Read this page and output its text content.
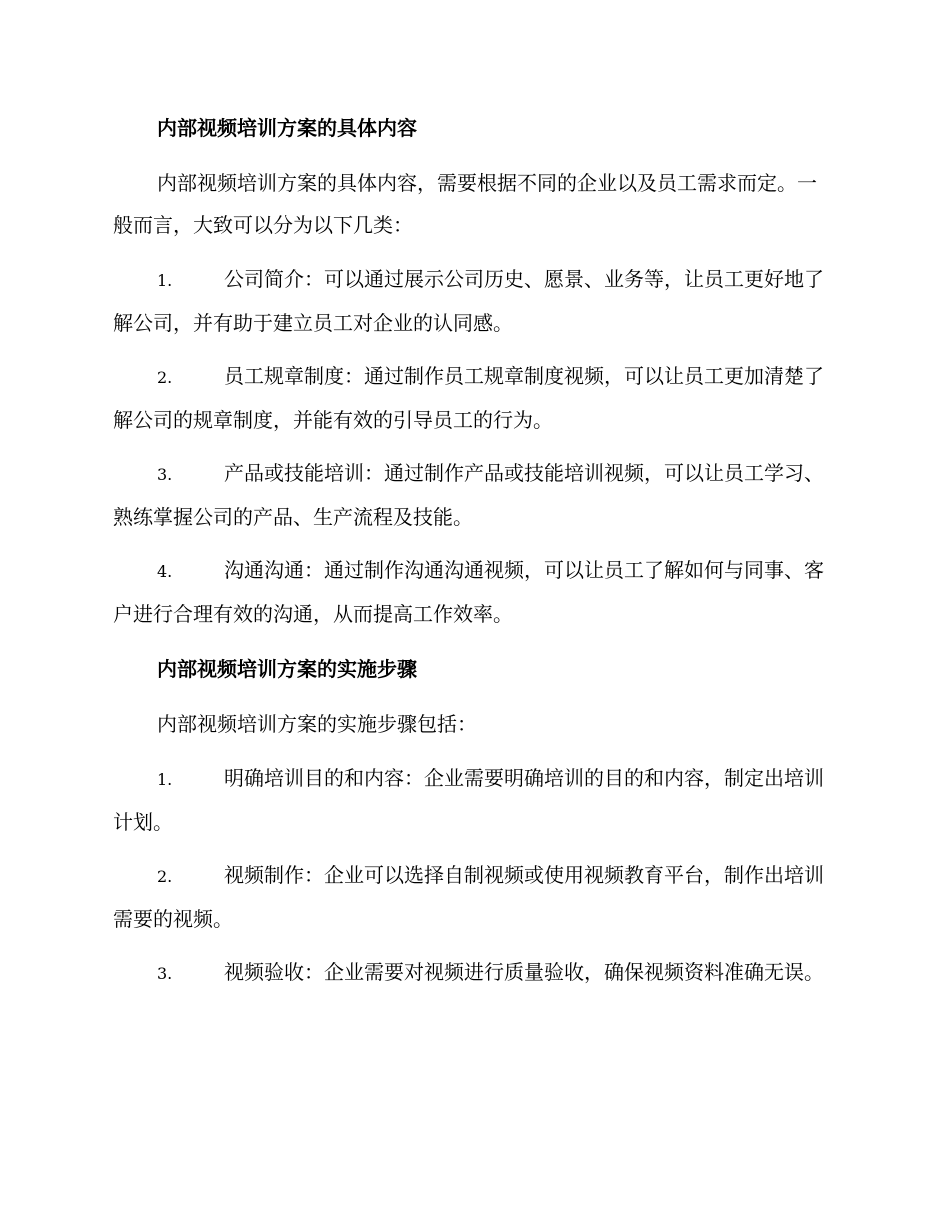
内部视频培训方案的具体内容

内部视频培训方案的具体内容，需要根据不同的企业以及员工需求而定。一般而言，大致可以分为以下几类：

1.	公司简介：可以通过展示公司历史、愿景、业务等，让员工更好地了解公司，并有助于建立员工对企业的认同感。

2.	员工规章制度：通过制作员工规章制度视频，可以让员工更加清楚了解公司的规章制度，并能有效的引导员工的行为。

3.	产品或技能培训：通过制作产品或技能培训视频，可以让员工学习、熟练掌握公司的产品、生产流程及技能。

4.	沟通沟通：通过制作沟通沟通视频，可以让员工了解如何与同事、客户进行合理有效的沟通，从而提高工作效率。

内部视频培训方案的实施步骤

内部视频培训方案的实施步骤包括：

1.	明确培训目的和内容：企业需要明确培训的目的和内容，制定出培训计划。

2.	视频制作：企业可以选择自制视频或使用视频教育平台，制作出培训需要的视频。

3.	视频验收：企业需要对视频进行质量验收，确保视频资料准确无误。
